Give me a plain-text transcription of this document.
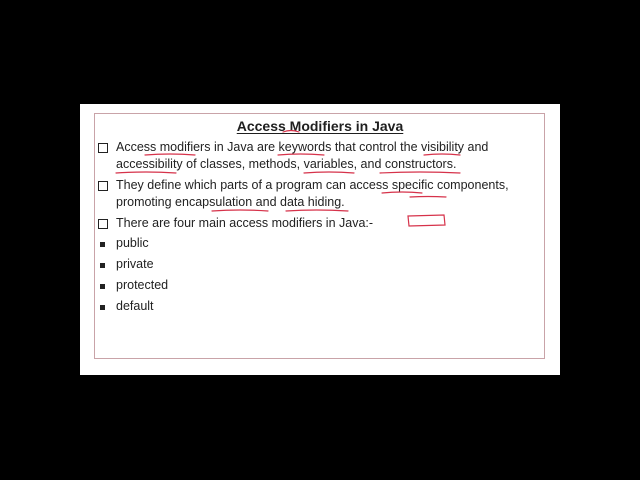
Access Modifiers in Java
Access modifiers in Java are keywords that control the visibility and
accessibility of classes, methods, variables, and constructors.
They define which parts of a program can access specific components,
promoting encapsulation and data hiding.
There are four main access modifiers in Java:-
public
private
protected
default
